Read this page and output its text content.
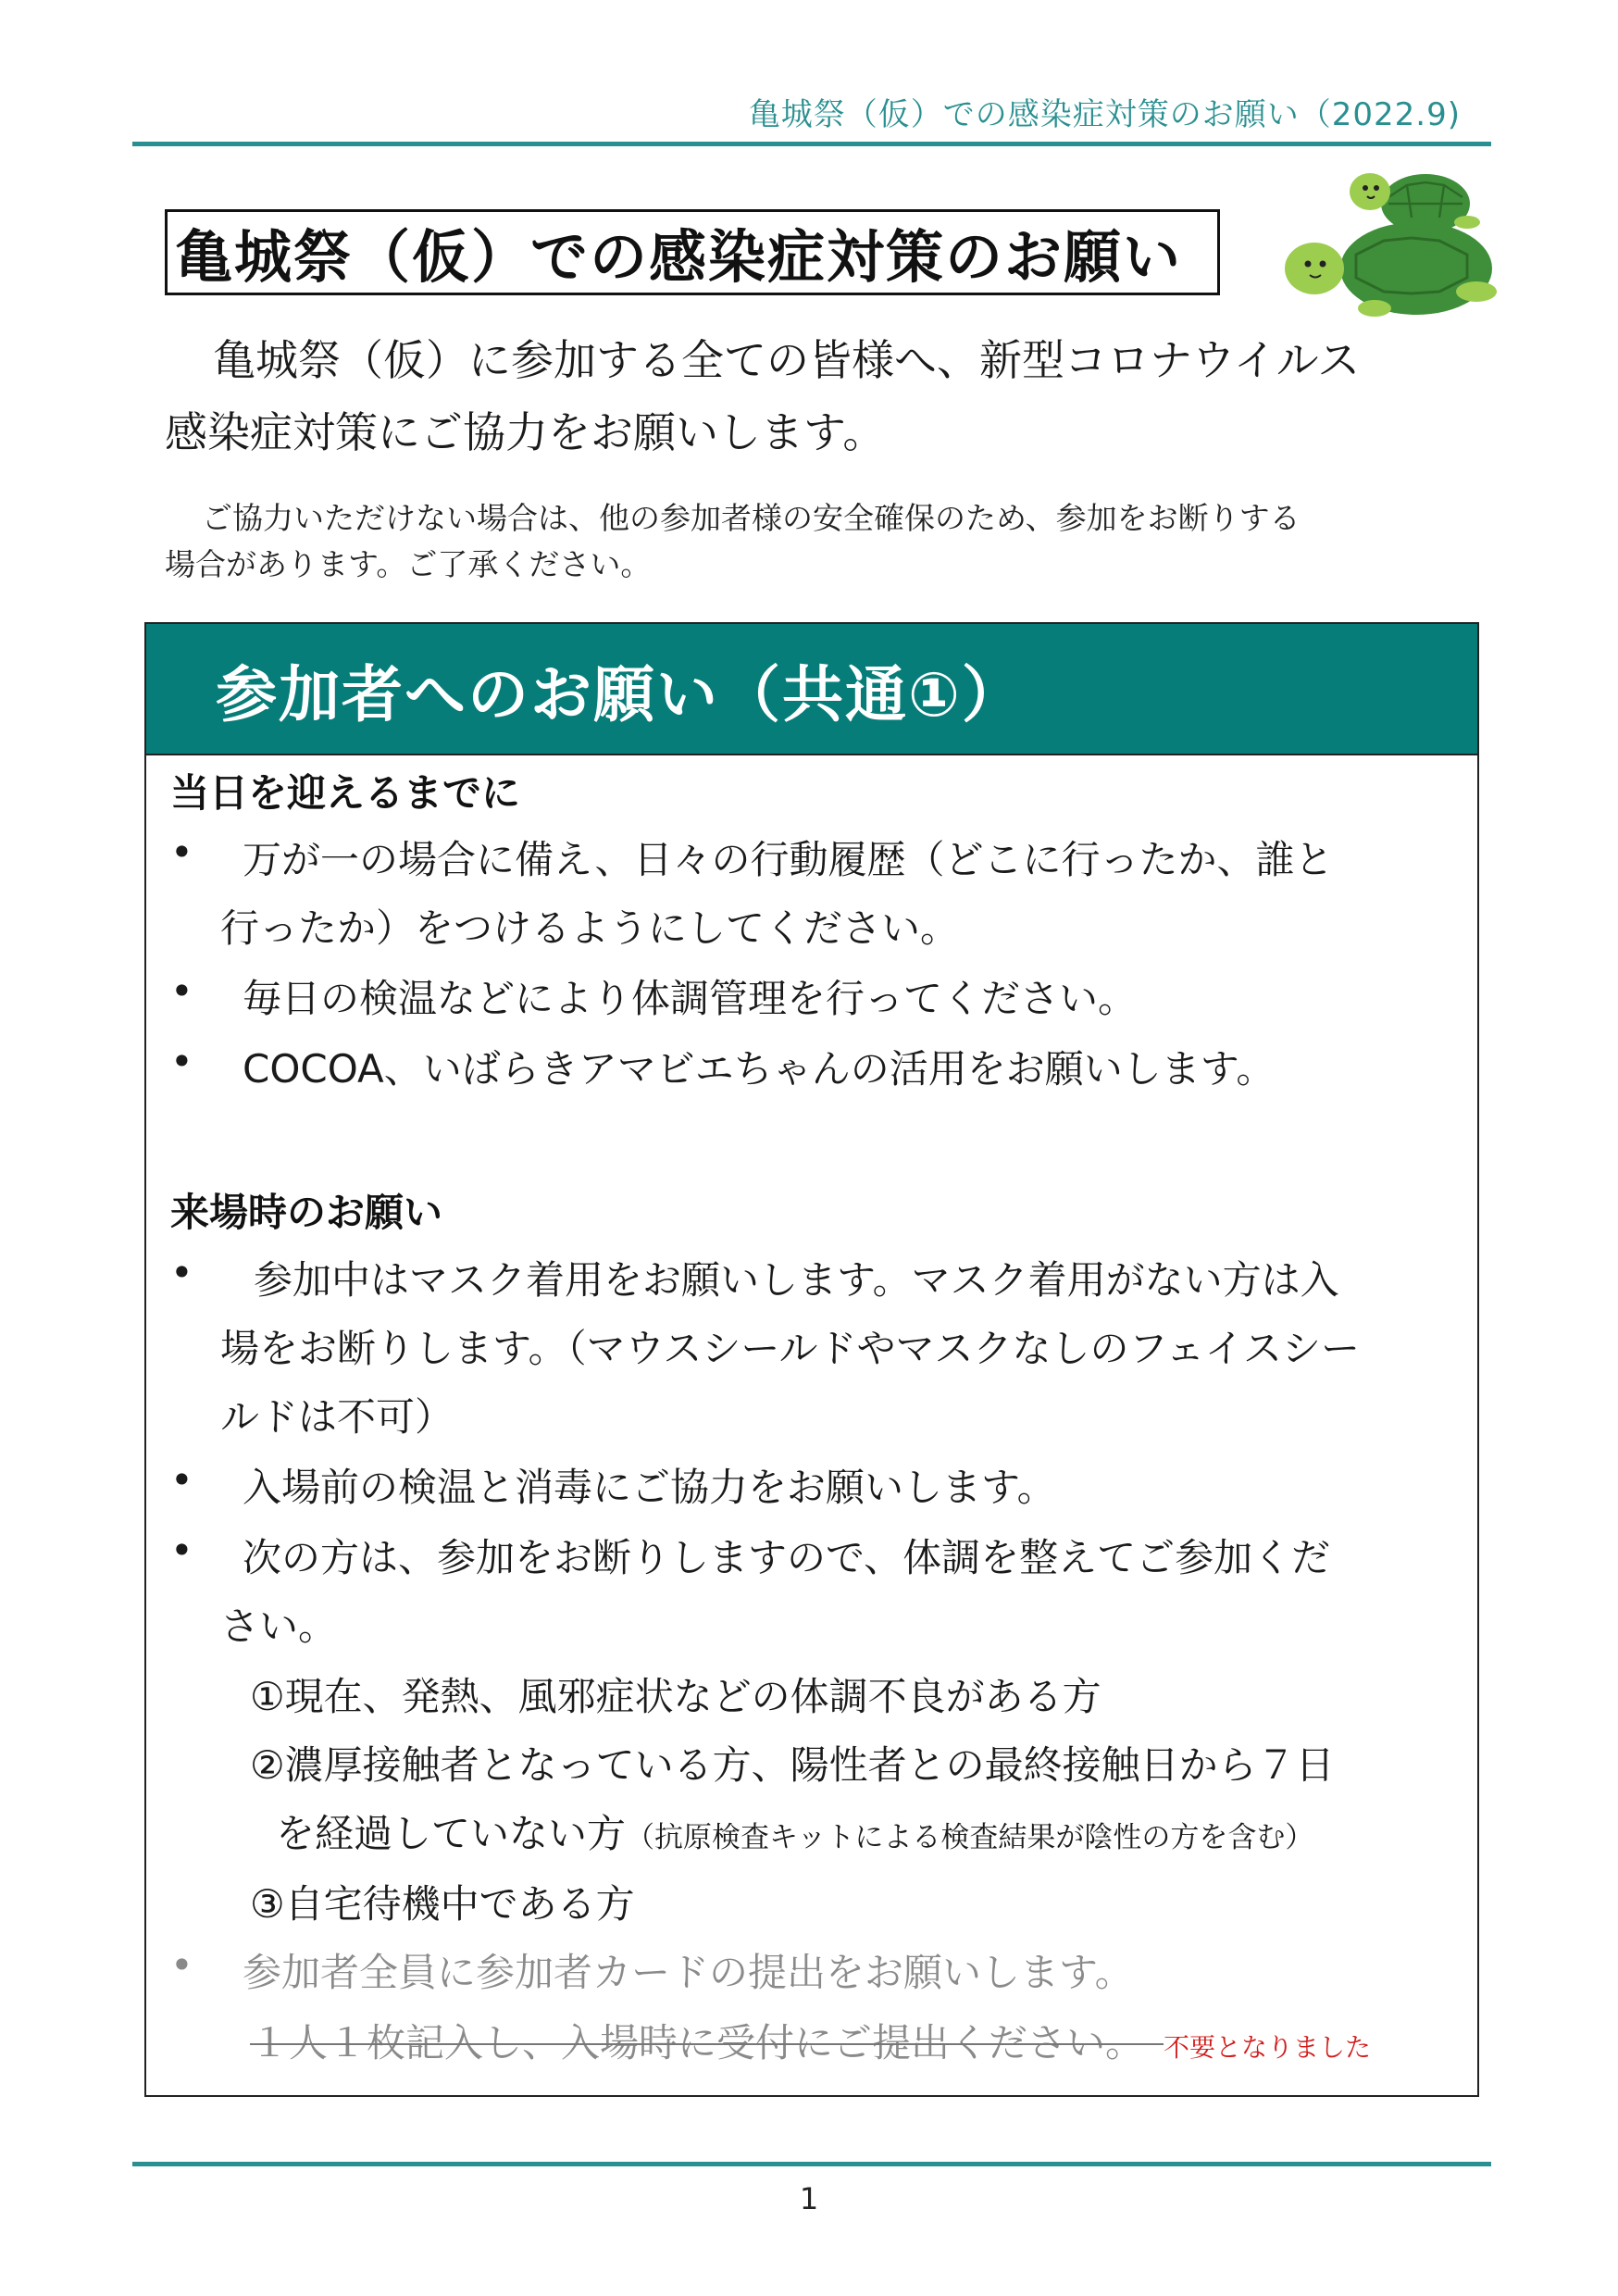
亀城祭（仮）での感染症対策のお願い（2022.9)
亀城祭（仮）での感染症対策のお願い
亀城祭（仮）に参加する全ての皆様へ、新型コロナウイルス
感染症対策にご協力をお願いします。
ご協力いただけない場合は、他の参加者様の安全確保のため、参加をお断りする
場合があります。ご了承ください。
参加者へのお願い（共通①）
当日を迎えるまでに
• 万が一の場合に備え、日々の行動履歴（どこに行ったか、誰と
行ったか）をつけるようにしてください。
• 毎日の検温などにより体調管理を行ってください。
• COCOA、いばらきアマビエちゃんの活用をお願いします。
来場時のお願い
• 参加中はマスク着用をお願いします。マスク着用がない方は入
場をお断りします。（マウスシールドやマスクなしのフェイスシー
ルドは不可）
• 入場前の検温と消毒にご協力をお願いします。
• 次の方は、参加をお断りしますので、体調を整えてご参加くだ
さい。
①現在、発熱、風邪症状などの体調不良がある方
②濃厚接触者となっている方、陽性者との最終接触日から７日
を経過していない方（抗原検査キットによる検査結果が陰性の方を含む）
③自宅待機中である方
• 参加者全員に参加者カードの提出をお願いします。

１人１枚記入し、入場時に受付にご提出ください。　 不要となりました
1
